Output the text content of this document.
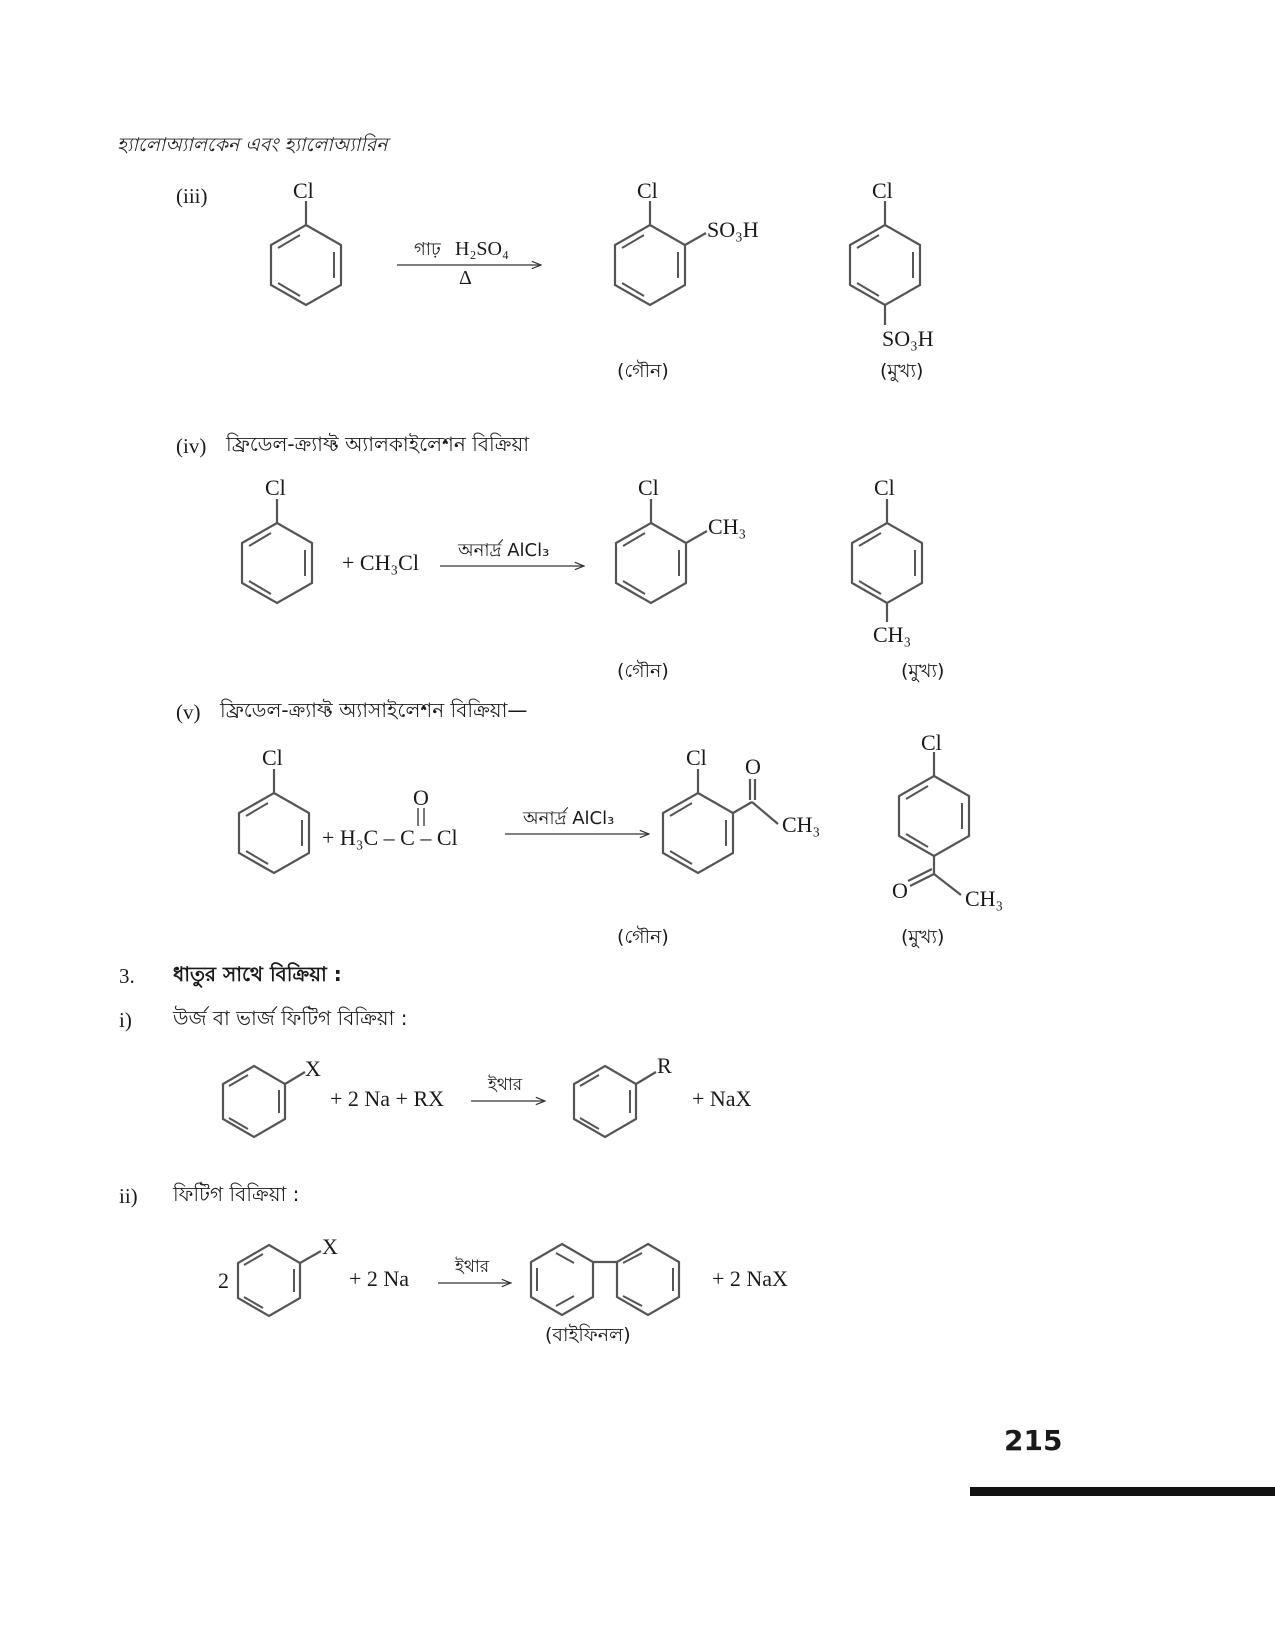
হ্যালোঅ্যালকেন এবং হ্যালোঅ্যারিন
(iii)
(iv) ফ্রিডেল-ক্র্যাফ্ট অ্যালকাইলেশন বিক্রিয়া
(v) ফ্রিডেল-ক্র্যাফ্ট অ্যাসাইলেশন বিক্রিয়া—
3. ধাতুর সাথে বিক্রিয়া :
i) উর্জ বা ভার্জ ফিটিগ বিক্রিয়া :
ii) ফিটিগ বিক্রিয়া :
215
Cl
গাঢ় H₂SO₄
Δ
Cl
SO₃H
(গৌন)
Cl
SO₃H
(মুখ্য)
Cl
+ CH₃Cl অনার্দ্র AlCl₃
Cl
CH₃
(গৌন)
Cl
CH₃
(মুখ্য)
Cl
O
+ H₃C – C – Cl
অনার্দ্র AlCl₃
Cl O
CH₃
(গৌন)
Cl
O	CH₃
(মুখ্য)
X
+ 2 Na + RX
ইথার
R
+ NaX
2
X
+ 2 Na	ইথার
(বাইফিনল)
+ 2 NaX
